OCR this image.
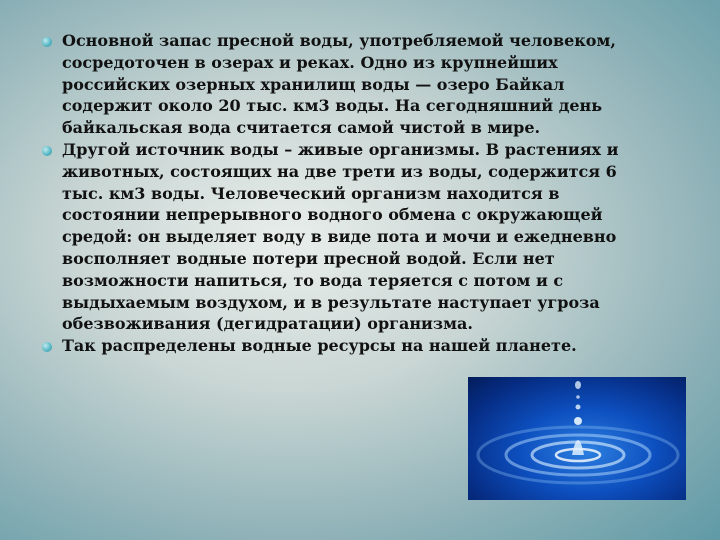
Основной запас пресной воды, употребляемой человеком, сосредоточен в озерах и реках. Одно из крупнейших российских озерных хранилищ воды — озеро Байкал содержит около 20 тыс. км3 воды. На сегодняшний день байкальская вода считается самой чистой в мире.
Другой источник воды – живые организмы. В растениях и животных, состоящих на две трети из воды, содержится 6 тыс. км3 воды. Человеческий организм находится в состоянии непрерывного водного обмена с окружающей средой: он выделяет воду в виде пота и мочи и ежедневно восполняет водные потери пресной водой. Если нет возможности напиться, то вода теряется с потом и с выдыхаемым воздухом, и в результате наступает угроза обезвоживания (дегидратации) организма.
Так распределены водные ресурсы на нашей планете.
